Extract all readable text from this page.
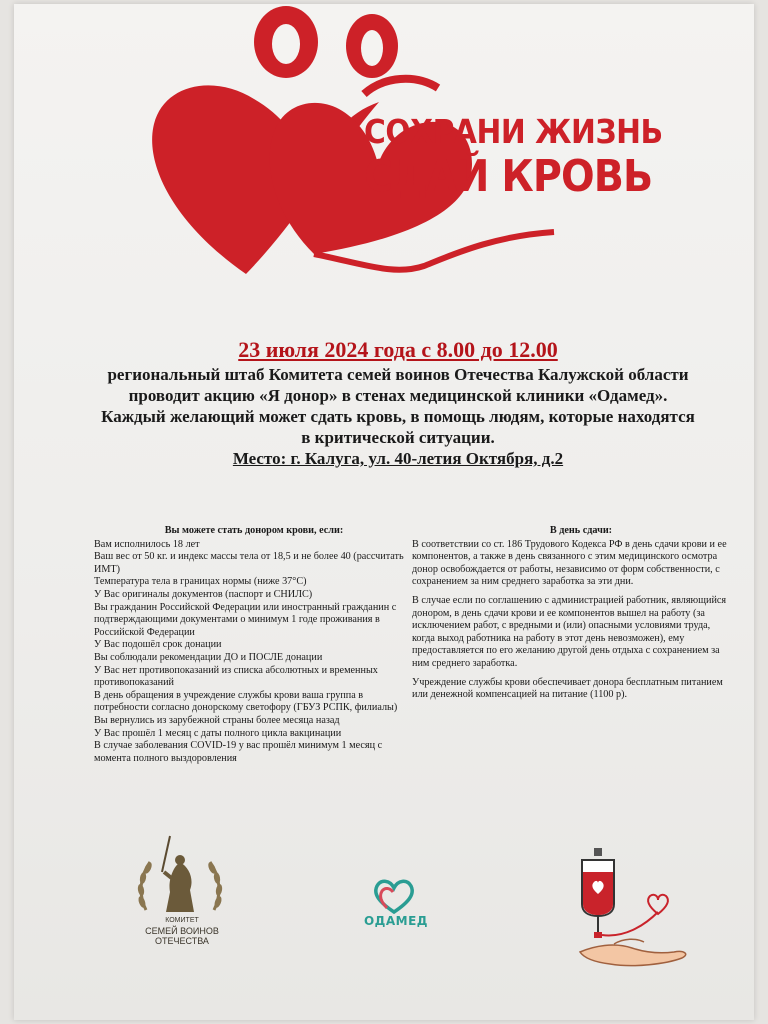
СОХРАНИ ЖИЗНЬ
СДАЙ КРОВЬ
23 июля 2024 года с 8.00 до 12.00
региональный штаб Комитета семей воинов Отечества Калужской области
проводит акцию «Я донор» в стенах медицинской клиники «Одамед».
Каждый желающий может сдать кровь, в помощь людям, которые находятся
в критической ситуации.
Место: г. Калуга, ул. 40-летия Октября, д.2
Вы можете стать донором крови, если:

Вам исполнилось 18 лет

Ваш вес от 50 кг. и индекс массы тела от 18,5 и не более 40 (рассчитать ИМТ)

Температура тела в границах нормы (ниже 37°С)

У Вас оригиналы документов (паспорт и СНИЛС)

Вы гражданин Российской Федерации или иностранный гражданин с подтверждающими документами о минимум 1 годе проживания в Российской Федерации

У Вас подошёл срок донации

Вы соблюдали рекомендации ДО и ПОСЛЕ донации

У Вас нет противопоказаний из списка абсолютных и временных противопоказаний

В день обращения в учреждение службы крови ваша группа в потребности согласно донорскому светофору (ГБУЗ РСПК, филиалы)

Вы вернулись из зарубежной страны более месяца назад

У Вас прошёл 1 месяц с даты полного цикла вакцинации

В случае заболевания COVID-19 у вас прошёл минимум 1 месяц с момента полного выздоровления

В день сдачи:

В соответствии со ст. 186 Трудового Кодекса РФ в день сдачи крови и ее компонентов, а также в день связанного с этим медицинского осмотра донор освобождается от работы, независимо от форм собственности, с сохранением за ним среднего заработка за эти дни.

В случае если по соглашению с администрацией работник, являющийся донором, в день сдачи крови и ее компонентов вышел на работу (за исключением работ, с вредными и (или) опасными условиями труда, когда выход работника на работу в этот день невозможен), ему предоставляется по его желанию другой день отдыха с сохранением за ним среднего заработка.

Учреждение службы крови обеспечивает донора бесплатным питанием или денежной компенсацией на питание (1100 р).

КОМИТЕТ
СЕМЕЙ ВОИНОВ
ОТЕЧЕСТВА
ОДАМЕД
